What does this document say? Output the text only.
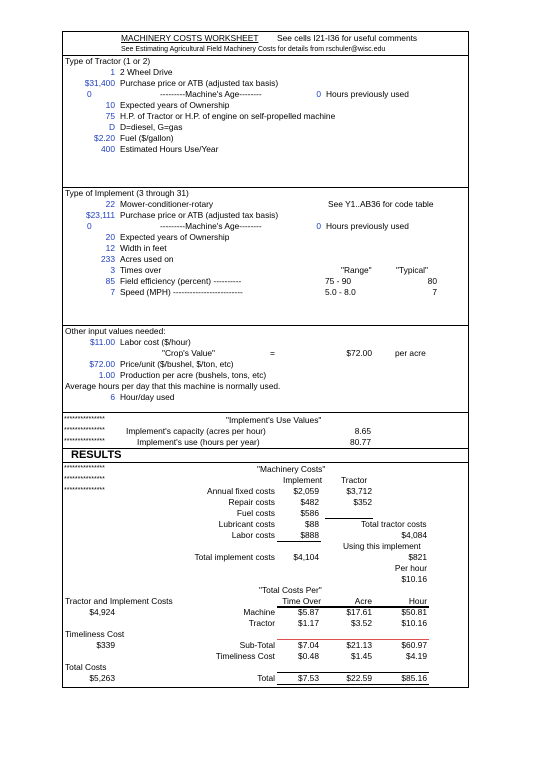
MACHINERY COSTS WORKSHEET See cells I21-I36 for useful comments
See Estimating Agricultural Field Machinery Costs for details from rschuler@wisc.edu
Type of Tractor (1 or 2)
1 2 Wheel Drive
$31,400 Purchase price or ATB (adjusted tax basis)
0	---------Machine's Age--------	0 Hours previously used
10 Expected years of Ownership
75 H.P. of Tractor or H.P. of engine on self-propelled machine
D D=diesel, G=gas
$2.20 Fuel ($/gallon)
400 Estimated Hours Use/Year
Type of Implement (3 through 31)
22 Mower-conditioner-rotary	See Y1..AB36 for code table
$23,111 Purchase price or ATB (adjusted tax basis)
0	---------Machine's Age--------	0 Hours previously used
20 Expected years of Ownership
12 Width in feet
233 Acres used on
3 Times over	"Range"	"Typical"
85 Field efficiency (percent) ----------	75 - 90	80
7 Speed (MPH) -------------------------	5.0 - 8.0	7
Other input values needed:
$11.00 Labor cost ($/hour)
"Crop's Value"	=	$72.00	per acre
$72.00 Price/unit ($/bushel, $/ton, etc)
1.00 Production per acre (bushels, tons, etc)
Average hours per day that this machine is normally used.
6 Hour/day used
***************	"Implement's Use Values"
***************	Implement's capacity (acres per hour)	8.65
***************	Implement's use (hours per year)	80.77
RESULTS
***************	"Machinery Costs"
***************	Implement Tractor
***************	Annual fixed costs	$2,059	$3,712
Repair costs	$482	$352
Fuel costs	$586
Lubricant costs	$88	Total tractor costs
Labor costs	$888	$4,084
Using this implement
Total implement costs	$4,104	$821
Per hour
$10.16
"Total Costs Per"
Tractor and Implement Costs	Time Over	Acre	Hour
$4,924	Machine	$5.87	$17.61	$50.81
Tractor	$1.17	$3.52	$10.16
Timeliness Cost
$339	Sub-Total	$7.04	$21.13	$60.97
Timeliness Cost	$0.48	$1.45	$4.19
Total Costs
$5,263	Total	$7.53	$22.59	$85.16
